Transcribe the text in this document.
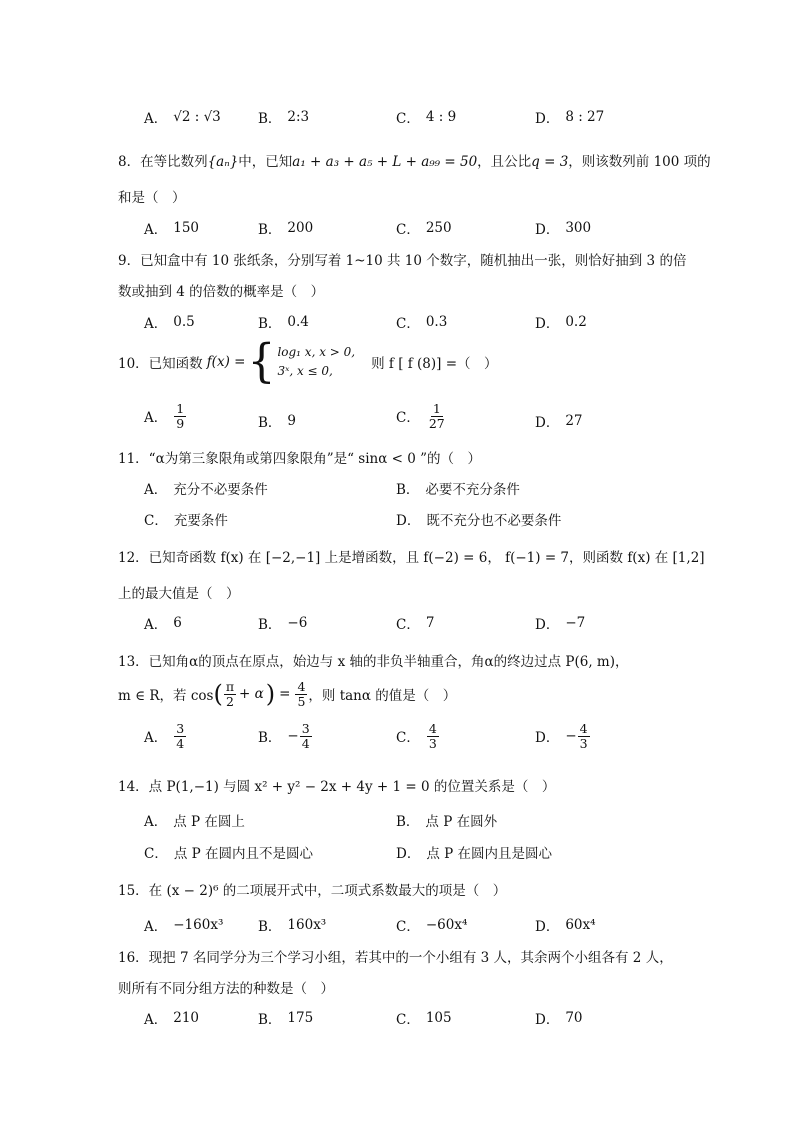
A． √2 : √3	B． 2:3	C． 4 : 9	D． 8 : 27
8．在等比数列{aₙ}中，已知a₁ + a₃ + a₅ + L + a₉₉ = 50，且公比q = 3，则该数列前 100 项的
和是（　）
A． 150	B． 200	C． 250	D． 300
9．已知盒中有 10 张纸条，分别写着 1~10 共 10 个数字，随机抽出一张，则恰好抽到 3 的倍
数或抽到 4 的倍数的概率是（　）
A． 0.5	B． 0.4	C． 0.3	D． 0.2
10．已知函数 f(x) = { log₁ x, x > 0,
3ˣ, x ≤ 0,	则 f [ f (8)] =（　）
A． $\frac{1}{9}$	B． 9	C． $\frac{1}{27}$	D． 27
11．“α为第三象限角或第四象限角”是“ sinα < 0 ”的（　）
A． 充分不必要条件	B． 必要不充分条件
C． 充要条件	D． 既不充分也不必要条件
12．已知奇函数 f(x) 在 [−2,−1] 上是增函数，且 f(−2) = 6， f(−1) = 7，则函数 f(x) 在 [1,2]
上的最大值是（　）
A． 6	B． −6	C． 7	D． −7
13．已知角α的顶点在原点，始边与 x 轴的非负半轴重合，角α的终边过点 P(6, m)，
m ∈ R，若 cos ( $\frac{\pi}{2} + \alpha$ ) = $\frac{4}{5}$ ，则 tanα 的值是（　）
A． $\frac{3}{4}$	B． − $\frac{3}{4}$	C． $\frac{4}{3}$	D． − $\frac{4}{3}$
14．点 P(1,−1) 与圆 x² + y² − 2x + 4y + 1 = 0 的位置关系是（　）
A． 点 P 在圆上	B． 点 P 在圆外
C． 点 P 在圆内且不是圆心	D． 点 P 在圆内且是圆心
15．在 (x − 2)⁶ 的二项展开式中，二项式系数最大的项是（　）
A． −160x³	B． 160x³	C． −60x⁴	D． 60x⁴
16．现把 7 名同学分为三个学习小组，若其中的一个小组有 3 人，其余两个小组各有 2 人，
则所有不同分组方法的种数是（　）
A． 210	B． 175	C． 105	D． 70
